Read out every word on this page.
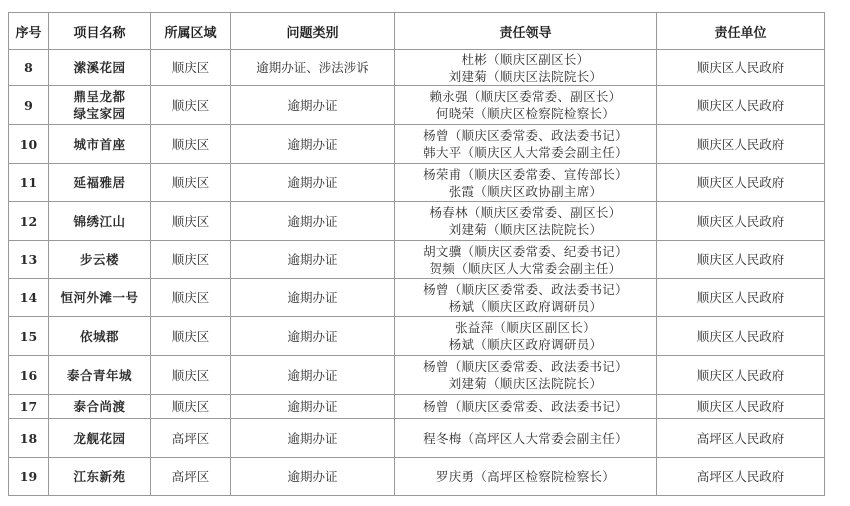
序号	项目名称	所属区域	问题类别	责任领导	责任单位
8	潆溪花园	顺庆区	逾期办证、涉法涉诉	杜彬（顺庆区副区长）
刘建菊（顺庆区法院院长）	顺庆区人民政府
9	鼎呈龙都
绿宝家园	顺庆区	逾期办证	赖永强（顺庆区委常委、副区长）
何晓荣（顺庆区检察院检察长）	顺庆区人民政府
10	城市首座	顺庆区	逾期办证	杨曾（顺庆区委常委、政法委书记）
韩大平（顺庆区人大常委会副主任）	顺庆区人民政府
11	延福雅居	顺庆区	逾期办证	杨荣甫（顺庆区委常委、宣传部长）
张霞（顺庆区政协副主席）	顺庆区人民政府
12	锦绣江山	顺庆区	逾期办证	杨春林（顺庆区委常委、副区长）
刘建菊（顺庆区法院院长）	顺庆区人民政府
13	步云楼	顺庆区	逾期办证	胡文骥（顺庆区委常委、纪委书记）
贺频（顺庆区人大常委会副主任）	顺庆区人民政府
14	恒河外滩一号	顺庆区	逾期办证	杨曾（顺庆区委常委、政法委书记）
杨斌（顺庆区政府调研员）	顺庆区人民政府
15	依城郡	顺庆区	逾期办证	张益萍（顺庆区副区长）
杨斌（顺庆区政府调研员）	顺庆区人民政府
16	泰合青年城	顺庆区	逾期办证	杨曾（顺庆区委常委、政法委书记）
刘建菊（顺庆区法院院长）	顺庆区人民政府
17	泰合尚渡	顺庆区	逾期办证	杨曾（顺庆区委常委、政法委书记）	顺庆区人民政府
18	龙舰花园	高坪区	逾期办证	程冬梅（高坪区人大常委会副主任）	高坪区人民政府
19	江东新苑	高坪区	逾期办证	罗庆勇（高坪区检察院检察长）	高坪区人民政府
